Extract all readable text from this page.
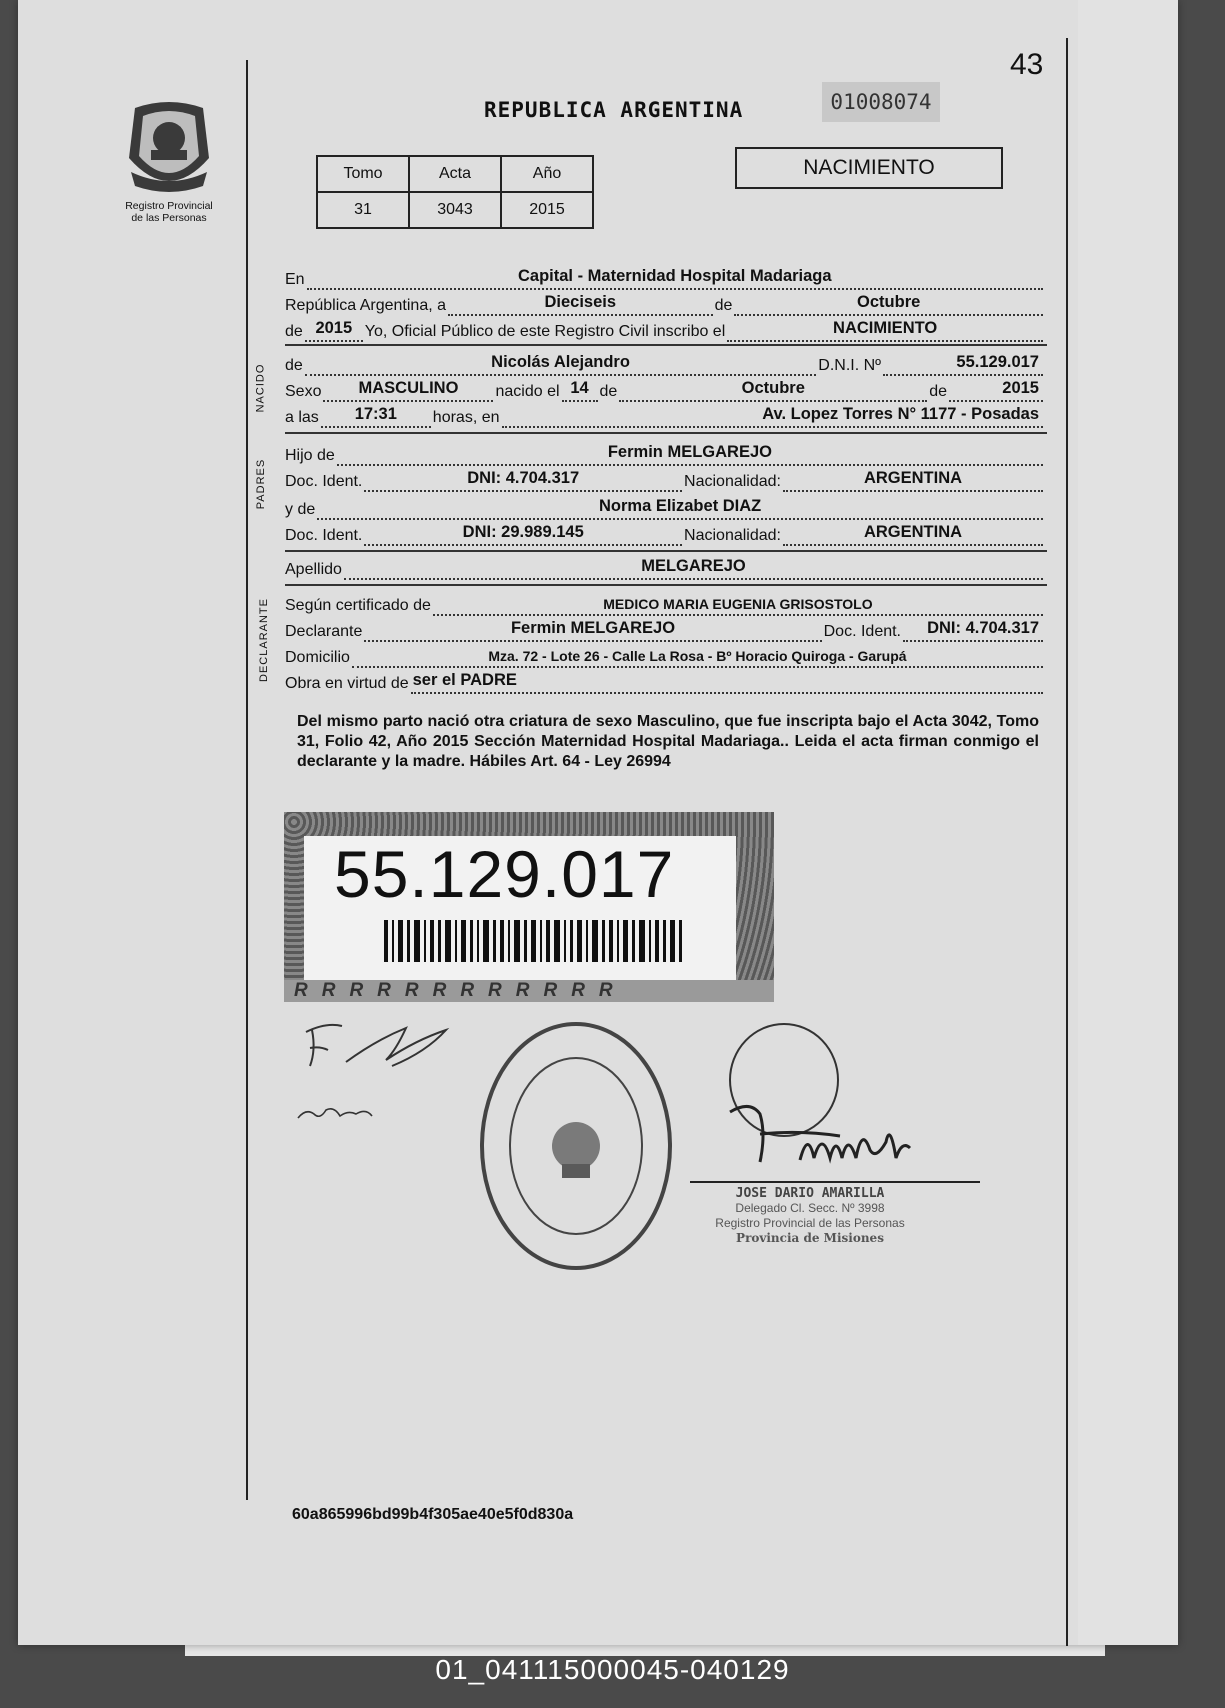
43
Registro Provincial
de las Personas
REPUBLICA ARGENTINA	01008074
Tomo	Acta	Año
31	3043	2015
NACIMIENTO
En	Capital - Maternidad Hospital Madariaga
República Argentina, a	Dieciseis	de	Octubre
de 2015 Yo, Oficial Público de este Registro Civil inscribo el	NACIMIENTO
NACIDO de	Nicolás Alejandro	D.N.I. Nº	55.129.017
Sexo MASCULINO nacido el 14 de	Octubre	de	2015
a las 17:31 horas, en	Av. Lopez Torres N° 1177 - Posadas
PADRES
Hijo de	Fermin MELGAREJO
Doc. Ident.	DNI: 4.704.317	Nacionalidad:	ARGENTINA
y de	Norma Elizabet DIAZ
Doc. Ident.	DNI: 29.989.145	Nacionalidad:	ARGENTINA
Apellido	MELGAREJO
DECLARANTE Según certificado de	MEDICO MARIA EUGENIA GRISOSTOLO
Declarante	Fermin MELGAREJO	Doc. Ident. DNI: 4.704.317
Domicilio	Mza. 72 - Lote 26 - Calle La Rosa - Bº Horacio Quiroga - Garupá
Obra en virtud de ser el PADRE
Del mismo parto nació otra criatura de sexo Masculino, que fue inscripta bajo el Acta 3042, Tomo 31, Folio 42, Año 2015 Sección Maternidad Hospital Madariaga.. Leida el acta firman conmigo el declarante y la madre. Hábiles Art. 64 - Ley 26994
55.129.017
RRRRRRRRRRRR
JOSE DARIO AMARILLA
Delegado Cl. Secc. Nº 3998
Registro Provincial de las Personas
Provincia de Misiones
60a865996bd99b4f305ae40e5f0d830a
01_041115000045-040129
